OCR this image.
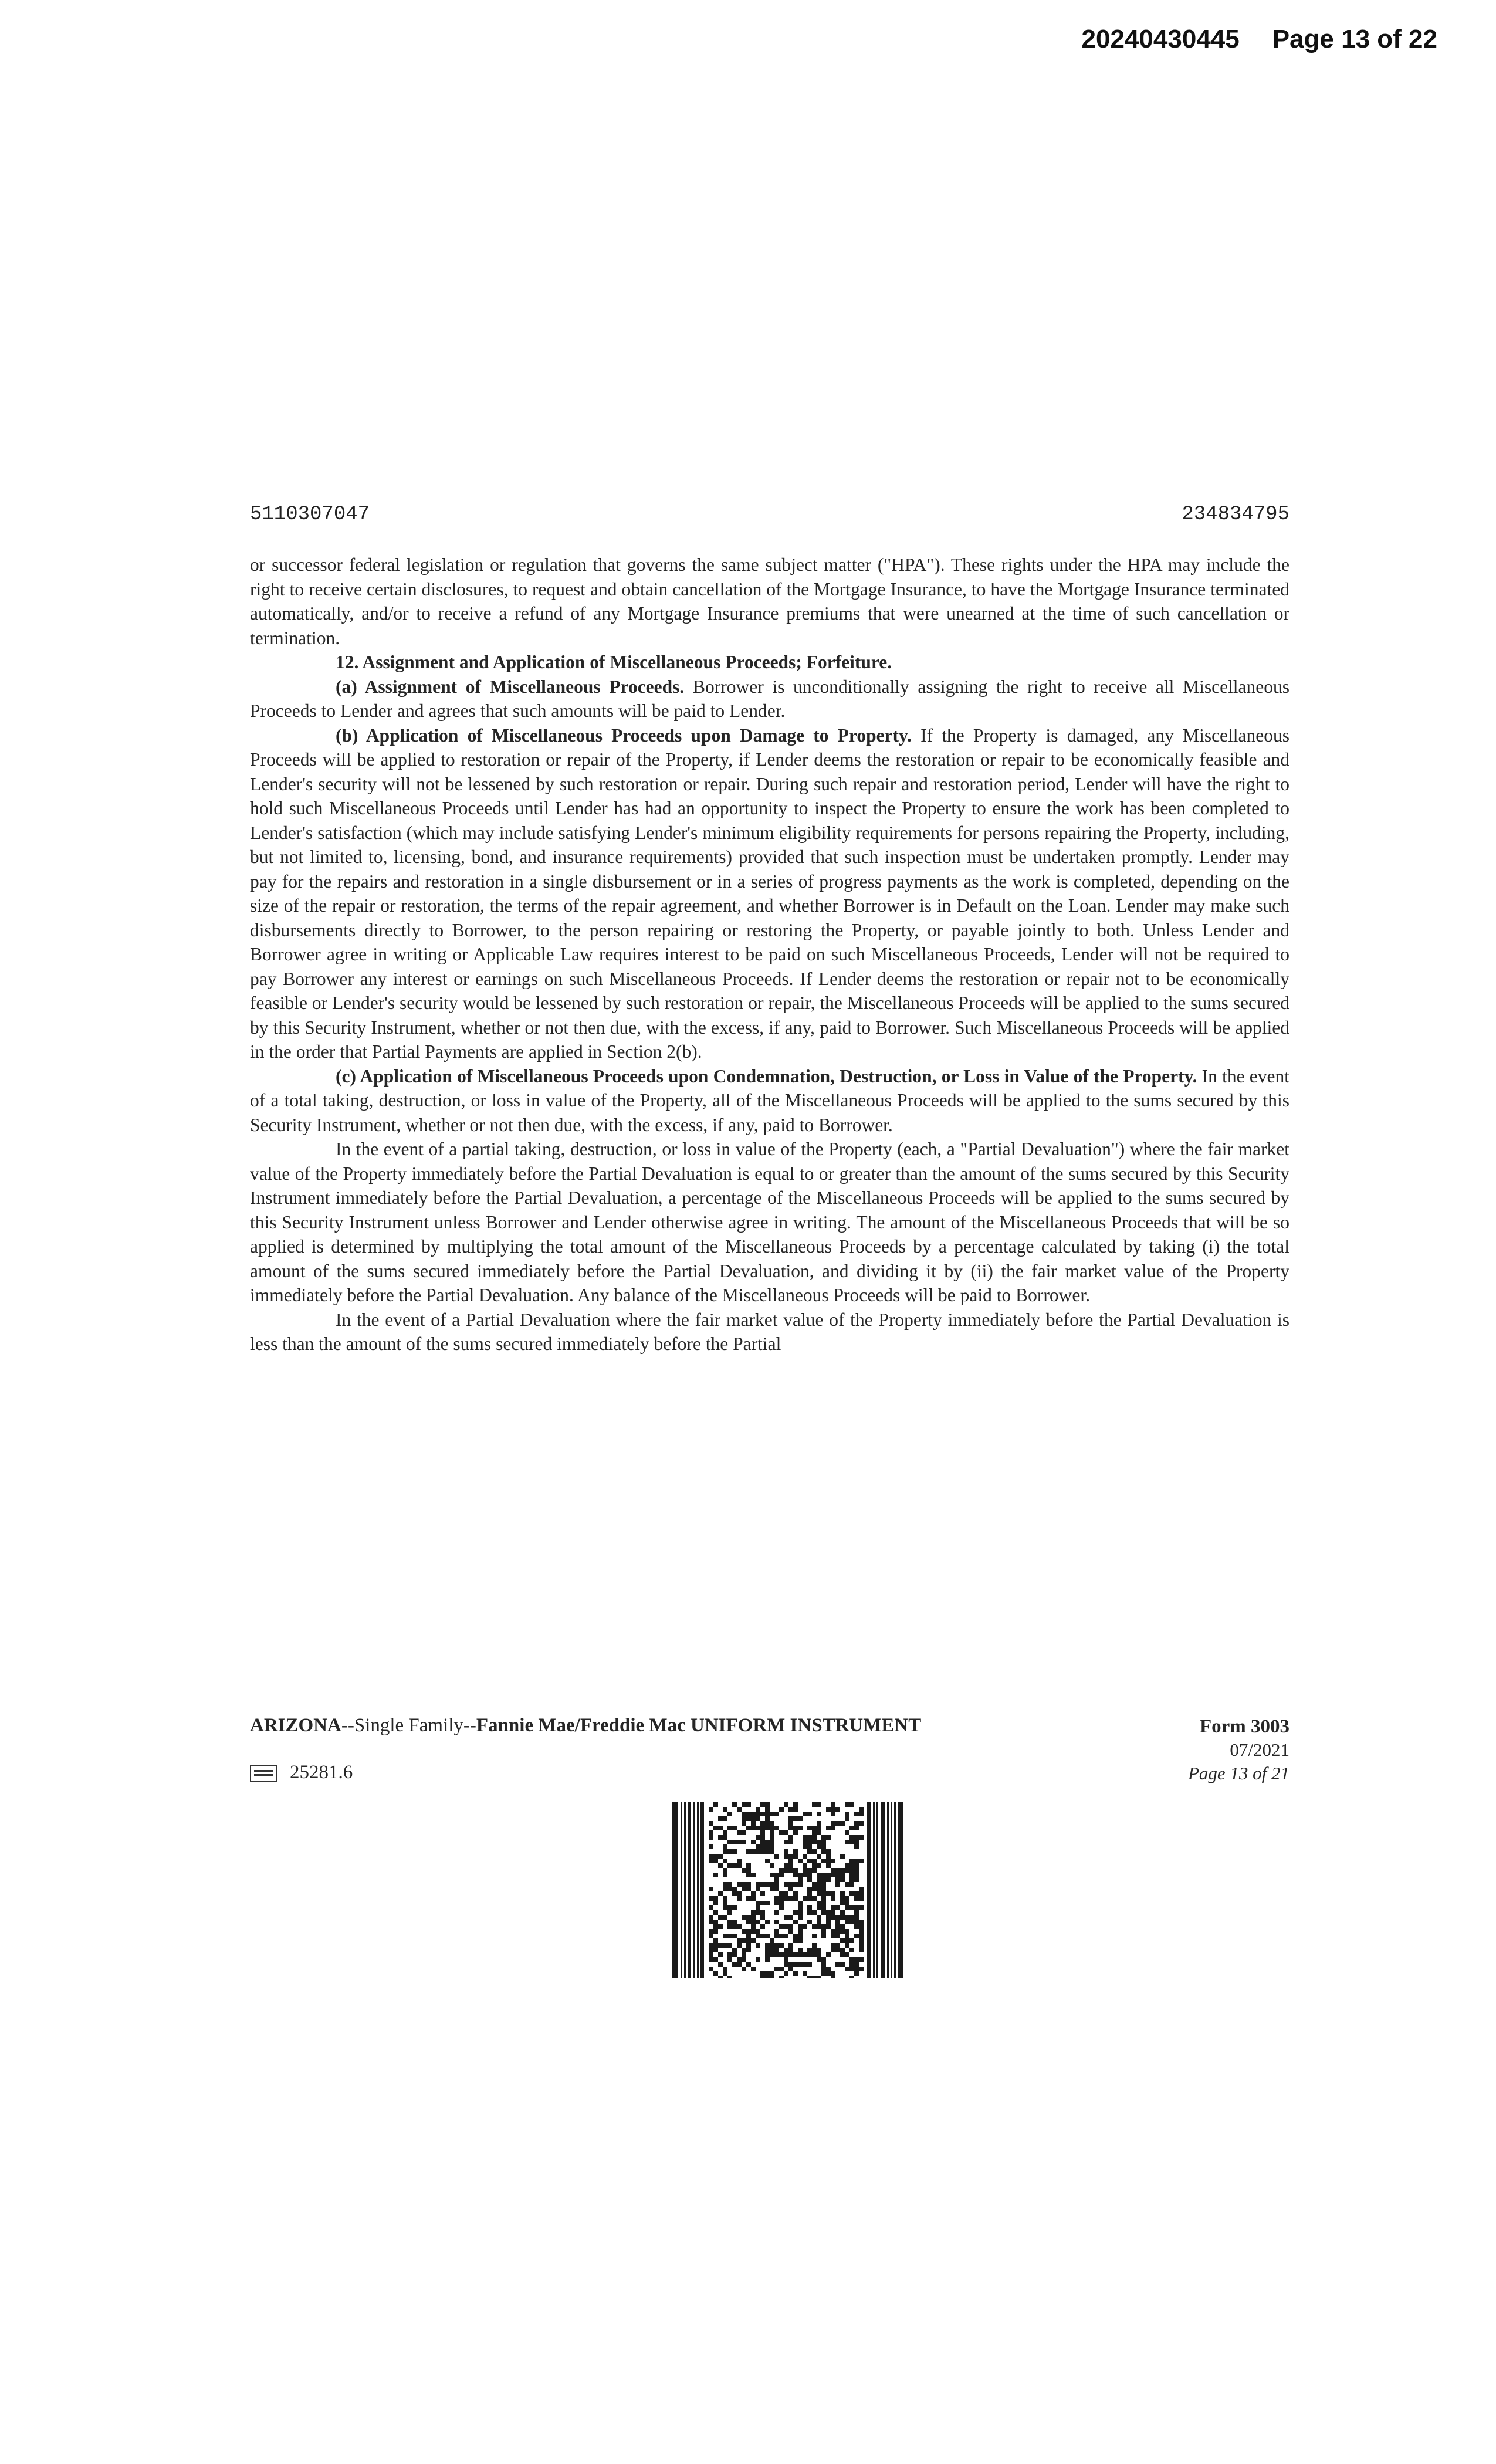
20240430445 Page 13 of 22
5110307047	234834795

or successor federal legislation or regulation that governs the same subject matter ("HPA"). These rights under the HPA may include the right to receive certain disclosures, to request and obtain cancellation of the Mortgage Insurance, to have the Mortgage Insurance terminated automatically, and/or to receive a refund of any Mortgage Insurance premiums that were unearned at the time of such cancellation or termination.

12. Assignment and Application of Miscellaneous Proceeds; Forfeiture.

(a) Assignment of Miscellaneous Proceeds. Borrower is unconditionally assigning the right to receive all Miscellaneous Proceeds to Lender and agrees that such amounts will be paid to Lender.

(b) Application of Miscellaneous Proceeds upon Damage to Property. If the Property is damaged, any Miscellaneous Proceeds will be applied to restoration or repair of the Property, if Lender deems the restoration or repair to be economically feasible and Lender's security will not be lessened by such restoration or repair. During such repair and restoration period, Lender will have the right to hold such Miscellaneous Proceeds until Lender has had an opportunity to inspect the Property to ensure the work has been completed to Lender's satisfaction (which may include satisfying Lender's minimum eligibility requirements for persons repairing the Property, including, but not limited to, licensing, bond, and insurance requirements) provided that such inspection must be undertaken promptly. Lender may pay for the repairs and restoration in a single disbursement or in a series of progress payments as the work is completed, depending on the size of the repair or restoration, the terms of the repair agreement, and whether Borrower is in Default on the Loan. Lender may make such disbursements directly to Borrower, to the person repairing or restoring the Property, or payable jointly to both. Unless Lender and Borrower agree in writing or Applicable Law requires interest to be paid on such Miscellaneous Proceeds, Lender will not be required to pay Borrower any interest or earnings on such Miscellaneous Proceeds. If Lender deems the restoration or repair not to be economically feasible or Lender's security would be lessened by such restoration or repair, the Miscellaneous Proceeds will be applied to the sums secured by this Security Instrument, whether or not then due, with the excess, if any, paid to Borrower. Such Miscellaneous Proceeds will be applied in the order that Partial Payments are applied in Section 2(b).

(c) Application of Miscellaneous Proceeds upon Condemnation, Destruction, or Loss in Value of the Property. In the event of a total taking, destruction, or loss in value of the Property, all of the Miscellaneous Proceeds will be applied to the sums secured by this Security Instrument, whether or not then due, with the excess, if any, paid to Borrower.

In the event of a partial taking, destruction, or loss in value of the Property (each, a "Partial Devaluation") where the fair market value of the Property immediately before the Partial Devaluation is equal to or greater than the amount of the sums secured by this Security Instrument immediately before the Partial Devaluation, a percentage of the Miscellaneous Proceeds will be applied to the sums secured by this Security Instrument unless Borrower and Lender otherwise agree in writing. The amount of the Miscellaneous Proceeds that will be so applied is determined by multiplying the total amount of the Miscellaneous Proceeds by a percentage calculated by taking (i) the total amount of the sums secured immediately before the Partial Devaluation, and dividing it by (ii) the fair market value of the Property immediately before the Partial Devaluation. Any balance of the Miscellaneous Proceeds will be paid to Borrower.

In the event of a Partial Devaluation where the fair market value of the Property immediately before the Partial Devaluation is less than the amount of the sums secured immediately before the Partial

ARIZONA--Single Family--Fannie Mae/Freddie Mac UNIFORM INSTRUMENT	Form 3003
07/2021
Page 13 of 21
25281.6
